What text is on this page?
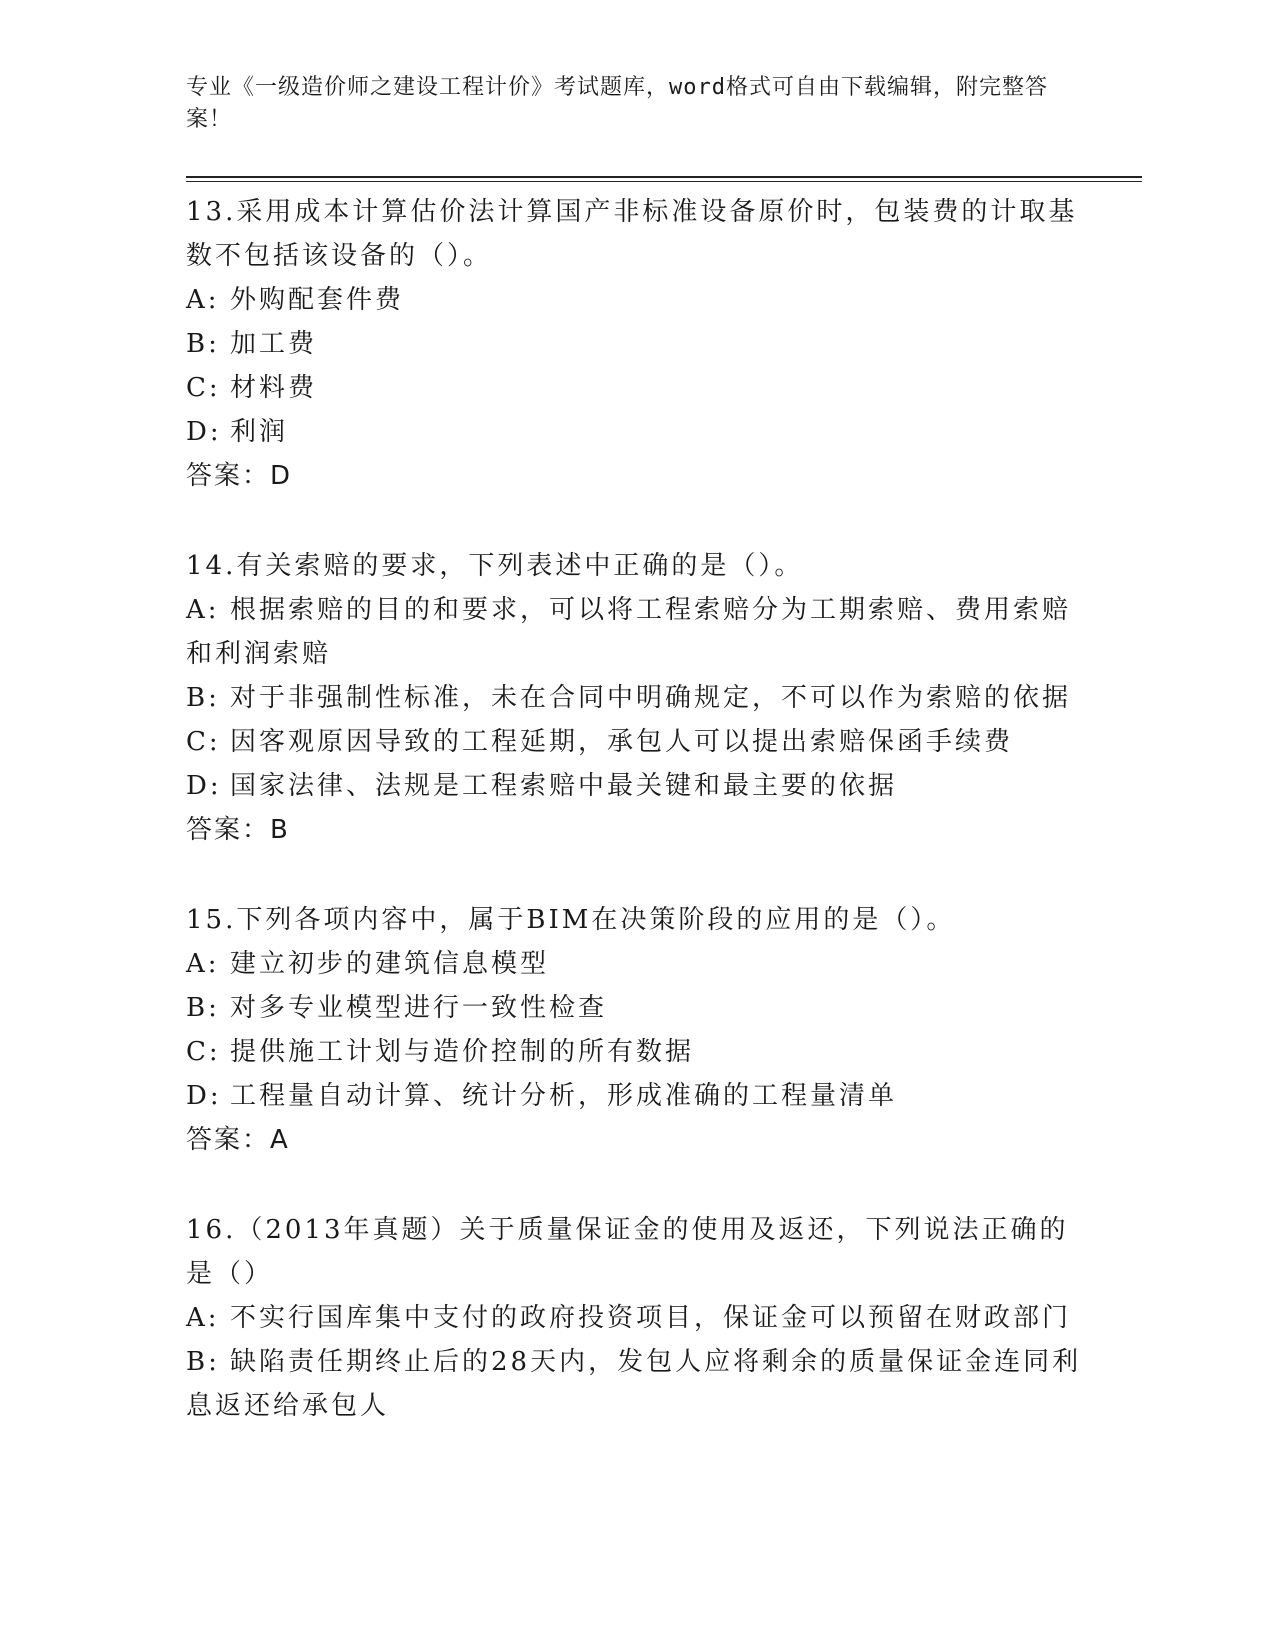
专业《一级造价师之建设工程计价》考试题库，word格式可自由下载编辑，附完整答案！
13.采用成本计算估价法计算国产非标准设备原价时，包装费的计取基数不包括该设备的（）。
A: 外购配套件费
B: 加工费
C: 材料费
D: 利润
答案：D
14.有关索赔的要求，下列表述中正确的是（）。
A: 根据索赔的目的和要求，可以将工程索赔分为工期索赔、费用索赔和利润索赔
B: 对于非强制性标准，未在合同中明确规定，不可以作为索赔的依据
C: 因客观原因导致的工程延期，承包人可以提出索赔保函手续费
D: 国家法律、法规是工程索赔中最关键和最主要的依据
答案：B
15.下列各项内容中，属于BIM在决策阶段的应用的是（）。
A: 建立初步的建筑信息模型
B: 对多专业模型进行一致性检查
C: 提供施工计划与造价控制的所有数据
D: 工程量自动计算、统计分析，形成准确的工程量清单
答案：A
16.（2013年真题）关于质量保证金的使用及返还，下列说法正确的是（）
A: 不实行国库集中支付的政府投资项目，保证金可以预留在财政部门
B: 缺陷责任期终止后的28天内，发包人应将剩余的质量保证金连同利息返还给承包人
